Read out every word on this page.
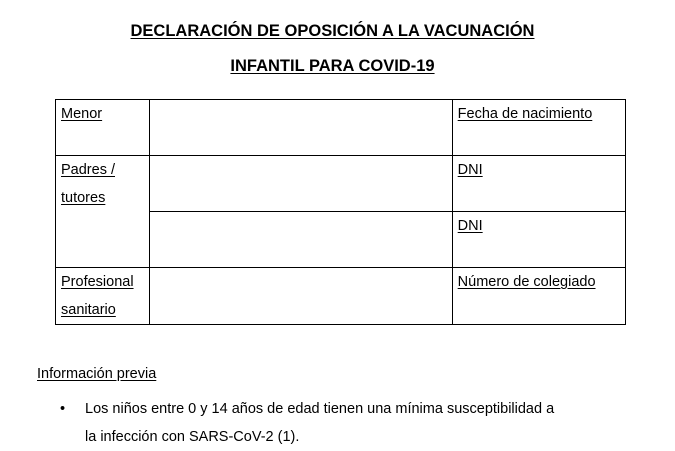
DECLARACIÓN DE OPOSICIÓN A LA VACUNACIÓN
INFANTIL PARA COVID-19
Menor		Fecha de nacimiento

Padres /
tutores		DNI

		DNI

Profesional
sanitario		Número de colegiado
Información previa
• Los niños entre 0 y 14 años de edad tienen una mínima susceptibilidad a
la infección con SARS-CoV-2 (1).
